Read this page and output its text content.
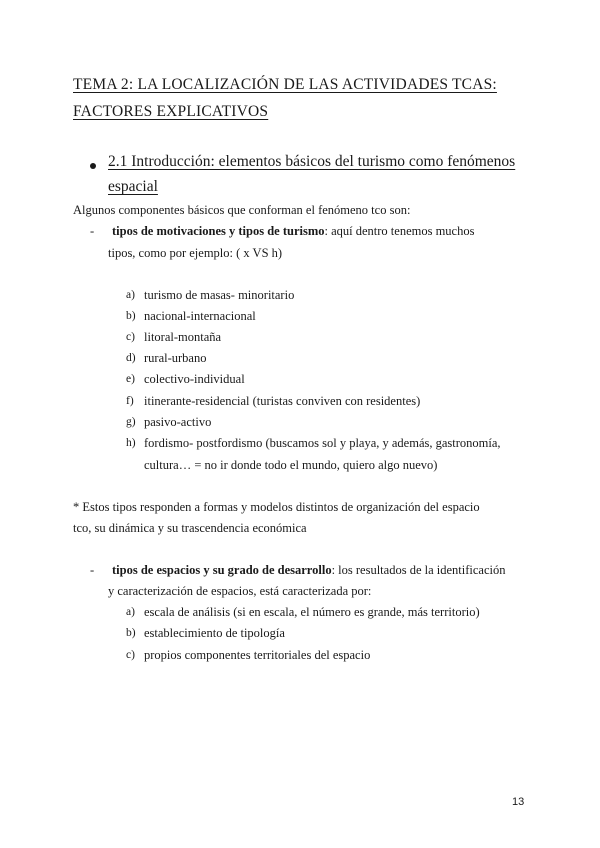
TEMA 2: LA LOCALIZACIÓN DE LAS ACTIVIDADES TCAS:
FACTORES EXPLICATIVOS
2.1 Introducción: elementos básicos del turismo como fenómenos
espacial
Algunos componentes básicos que conforman el fenómeno tco son:
- tipos de motivaciones y tipos de turismo: aquí dentro tenemos muchos
tipos, como por ejemplo: ( x VS h)
a) turismo de masas- minoritario
b) nacional-internacional
c) litoral-montaña
d) rural-urbano
e) colectivo-individual
f) itinerante-residencial (turistas conviven con residentes)
g) pasivo-activo
h) fordismo- postfordismo (buscamos sol y playa, y además, gastronomía,
cultura… = no ir donde todo el mundo, quiero algo nuevo)
* Estos tipos responden a formas y modelos distintos de organización del espacio
tco, su dinámica y su trascendencia económica
- tipos de espacios y su grado de desarrollo: los resultados de la identificación
y caracterización de espacios, está caracterizada por:
a) escala de análisis (si en escala, el número es grande, más territorio)
b) establecimiento de tipología
c) propios componentes territoriales del espacio
13
